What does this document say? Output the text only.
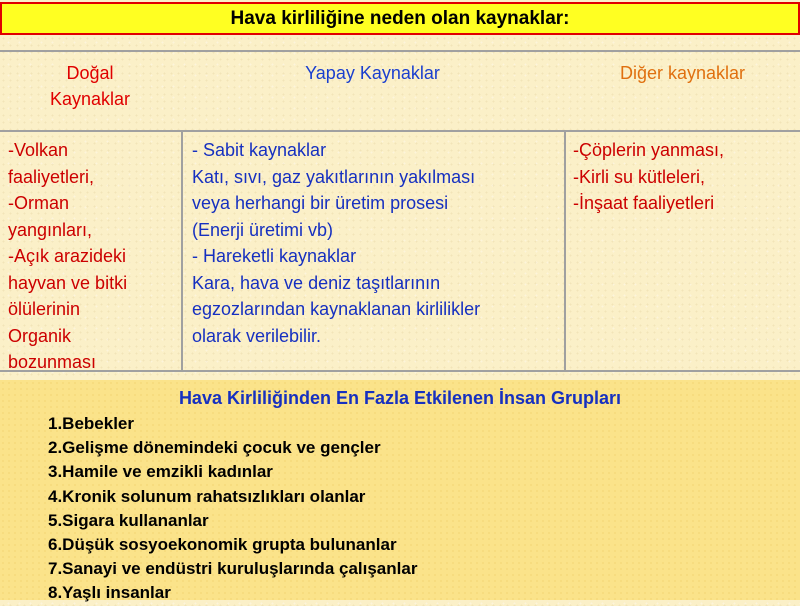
Hava kirliliğine neden olan kaynaklar:
Doğal
Kaynaklar
Yapay Kaynaklar	Diğer kaynaklar
-Volkan
faaliyetleri,
-Orman
yangınları,
-Açık arazideki
hayvan ve bitki
ölülerinin
Organik
bozunması
- Sabit kaynaklar
Katı, sıvı, gaz yakıtlarının yakılması
veya herhangi bir üretim prosesi
(Enerji üretimi vb)
- Hareketli kaynaklar
Kara, hava ve deniz taşıtlarının
egzozlarından kaynaklanan kirlilikler
olarak verilebilir.
-Çöplerin yanması,
-Kirli su kütleleri,
-İnşaat faaliyetleri
Hava Kirliliğinden En Fazla Etkilenen İnsan Grupları
1.Bebekler
2.Gelişme dönemindeki çocuk ve gençler
3.Hamile ve emzikli kadınlar
4.Kronik solunum rahatsızlıkları olanlar
5.Sigara kullananlar
6.Düşük sosyoekonomik grupta bulunanlar
7.Sanayi ve endüstri kuruluşlarında çalışanlar
8.Yaşlı insanlar
